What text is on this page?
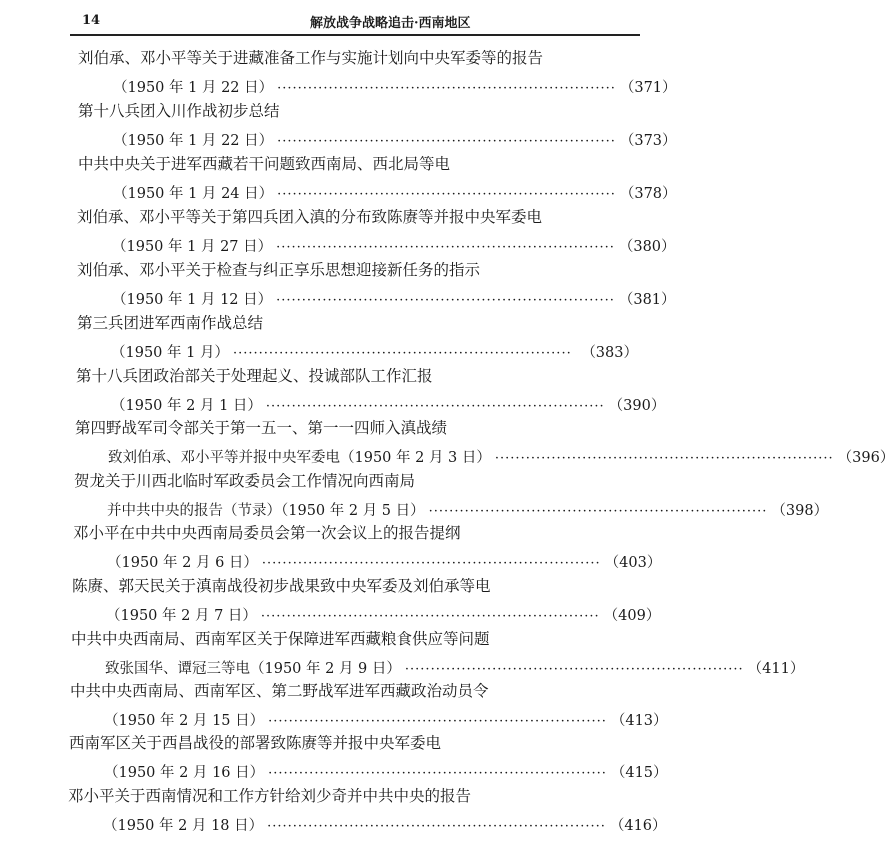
14	解放战争战略追击·西南地区
刘伯承、邓小平等关于进藏准备工作与实施计划向中央军委等的报告
（1950 年 1 月 22 日） ·································································· （371）
第十八兵团入川作战初步总结
（1950 年 1 月 22 日） ·································································· （373）
中共中央关于进军西藏若干问题致西南局、西北局等电
（1950 年 1 月 24 日） ·································································· （378）
刘伯承、邓小平等关于第四兵团入滇的分布致陈赓等并报中央军委电
（1950 年 1 月 27 日） ·································································· （380）
刘伯承、邓小平关于检查与纠正享乐思想迎接新任务的指示
（1950 年 1 月 12 日） ·································································· （381）
第三兵团进军西南作战总结
（1950 年 1 月） ·································································· （383）
第十八兵团政治部关于处理起义、投诚部队工作汇报
（1950 年 2 月 1 日） ·································································· （390）
第四野战军司令部关于第一五一、第一一四师入滇战绩
致刘伯承、邓小平等并报中央军委电（1950 年 2 月 3 日） ·································································· （396）
贺龙关于川西北临时军政委员会工作情况向西南局
并中共中央的报告（节录）（1950 年 2 月 5 日） ·································································· （398）
邓小平在中共中央西南局委员会第一次会议上的报告提纲
（1950 年 2 月 6 日） ·································································· （403）
陈赓、郭天民关于滇南战役初步战果致中央军委及刘伯承等电
（1950 年 2 月 7 日） ·································································· （409）
中共中央西南局、西南军区关于保障进军西藏粮食供应等问题
致张国华、谭冠三等电（1950 年 2 月 9 日） ·································································· （411）
中共中央西南局、西南军区、第二野战军进军西藏政治动员令
（1950 年 2 月 15 日） ·································································· （413）
西南军区关于西昌战役的部署致陈赓等并报中央军委电
（1950 年 2 月 16 日） ·································································· （415）
邓小平关于西南情况和工作方针给刘少奇并中共中央的报告
（1950 年 2 月 18 日） ·································································· （416）
